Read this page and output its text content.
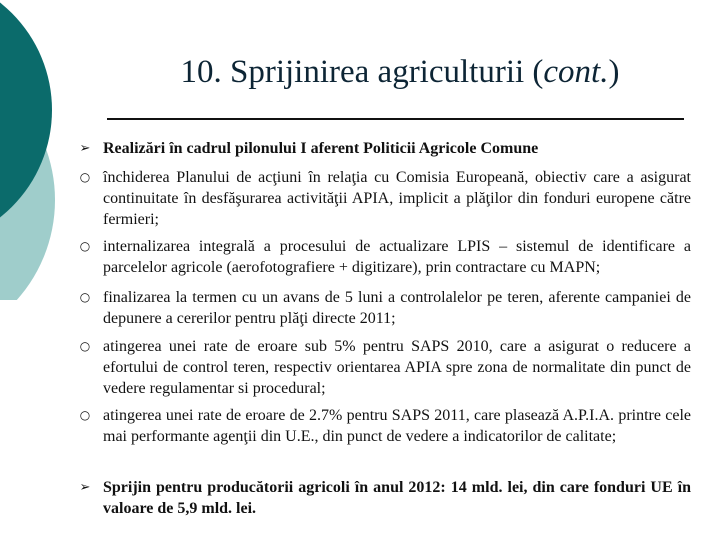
10. Sprijinirea agriculturii (cont.)
➢ Realizări în cadrul pilonului I aferent Politicii Agricole Comune
○ închiderea Planului de acţiuni în relaţia cu Comisia Europeană, obiectiv care a asigurat continuitate în desfăşurarea activităţii APIA, implicit a plăţilor din fonduri europene către fermieri;
○ internalizarea integrală a procesului de actualizare LPIS – sistemul de identificare a parcelelor agricole (aerofotografiere + digitizare), prin contractare cu MAPN;
○ finalizarea la termen cu un avans de 5 luni a controlalelor pe teren, aferente campaniei de depunere a cererilor pentru plăţi directe 2011;
○ atingerea unei rate de eroare sub 5% pentru SAPS 2010, care a asigurat o reducere a efortului de control teren, respectiv orientarea APIA spre zona de normalitate din punct de vedere regulamentar si procedural;
○ atingerea unei rate de eroare de 2.7% pentru SAPS 2011, care plasează A.P.I.A. printre cele mai performante agenţii din U.E., din punct de vedere a indicatorilor de calitate;
➢ Sprijin pentru producătorii agricoli în anul 2012: 14 mld. lei, din care fonduri UE în valoare de 5,9 mld. lei.
